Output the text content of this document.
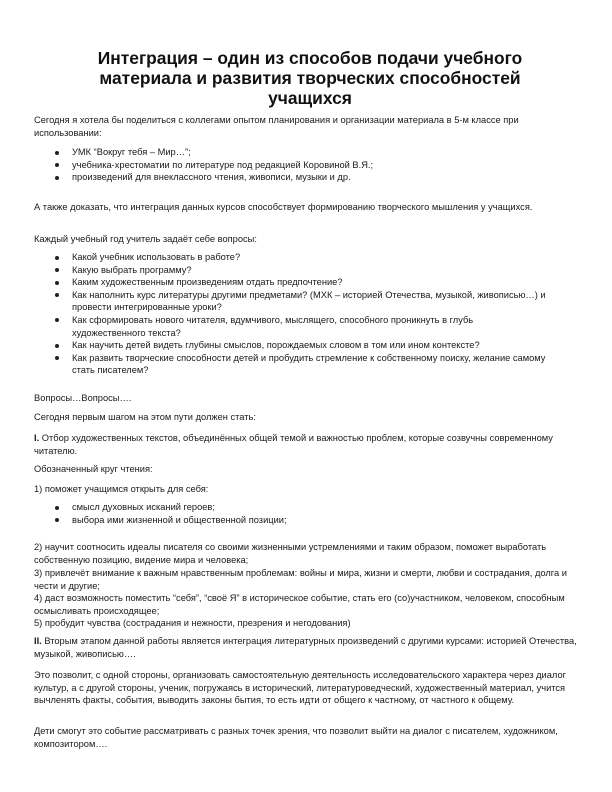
Интеграция – один из способов подачи учебного
материала и развития творческих способностей
учащихся

Сегодня я хотела бы поделиться с коллегами опытом планирования и организации материала в 5-м классе при использовании:

УМК “Вокруг тебя – Мир…”;
учебника-хрестоматии по литературе под редакцией Коровиной В.Я.;
произведений для внеклассного чтения, живописи, музыки и др.

А также доказать, что интеграция данных курсов способствует формированию творческого мышления у учащихся.

Каждый учебный год учитель задаёт себе вопросы:

Какой учебник использовать в работе?
Какую выбрать программу?
Каким художественным произведениям отдать предпочтение?
Как наполнить курс литературы другими предметами? (МХК – историей Отечества, музыкой, живописью…) и провести интегрированные уроки?
Как сформировать нового читателя, вдумчивого, мыслящего, способного проникнуть в глубь художественного текста?
Как научить детей видеть глубины смыслов, порождаемых словом в том или ином контексте?
Как развить творческие способности детей и пробудить стремление к собственному поиску, желание самому стать писателем?

Вопросы…Вопросы….

Сегодня первым шагом на этом пути должен стать:

I. Отбор художественных текстов, объединённых общей темой и важностью проблем, которые созвучны современному читателю.

Обозначенный круг чтения:

1) поможет учащимся открыть для себя:

смысл духовных исканий героев;
выбора ими жизненной и общественной позиции;

2) научит соотносить идеалы писателя со своими жизненными устремлениями и таким образом, поможет выработать собственную позицию, видение мира и человека;

3) привлечёт внимание к важным нравственным проблемам: войны и мира, жизни и смерти, любви и сострадания, долга и чести и другие;

4) даст возможность поместить “себя”, “своё Я” в историческое событие, стать его (со)участником, человеком, способным осмысливать происходящее;

5) пробудит чувства (сострадания и нежности, презрения и негодования)

II. Вторым этапом данной работы является интеграция литературных произведений с другими курсами: историей Отечества, музыкой, живописью….

Это позволит, с одной стороны, организовать самостоятельную деятельность исследовательского характера через диалог культур, а с другой стороны, ученик, погружаясь в исторический, литературоведческий, художественный материал, учится вычленять факты, события, выводить законы бытия, то есть идти от общего к частному, от частного к общему.

Дети смогут это событие рассматривать с разных точек зрения, что позволит выйти на диалог с писателем, художником, композитором….
